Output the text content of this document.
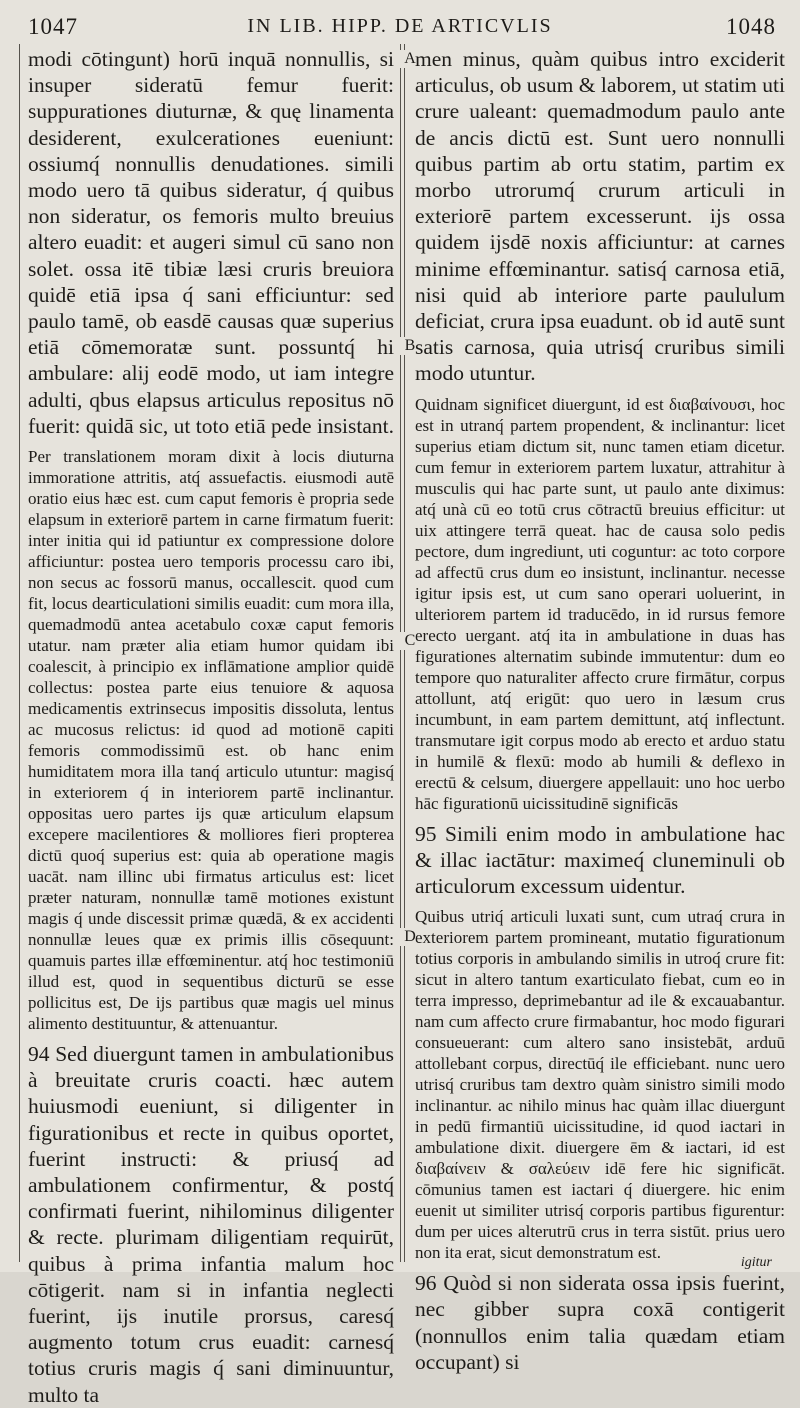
1047	IN LIB. HIPP. DE ARTICVLIS	1048
A
B
C
D

modi cōtingunt) horū inquā nonnullis, si insuper sideratū femur fuerit: suppurationes diuturnæ, & quę linamenta desiderent, exulcerationes eueniunt: ossiumq́ nonnullis denudationes. simili modo uero tā quibus sideratur, q́ quibus non sideratur, os femoris multo breuius altero euadit: et augeri simul cū sano non solet. ossa itē tibiæ læsi cruris breuiora quidē etiā ipsa q́ sani efficiuntur: sed paulo tamē, ob easdē causas quæ superius etiā cōmemoratæ sunt. possuntq́ hi ambulare: alij eodē modo, ut iam integre adulti, qbus elapsus articulus repositus nō fuerit: quidā sic, ut toto etiā pede insistant.

Per translationem moram dixit à locis diuturna immoratione attritis, atq́ assuefactis. eiusmodi autē oratio eius hæc est. cum caput femoris è propria sede elapsum in exteriorē partem in carne firmatum fuerit: inter initia qui id patiuntur ex compressione dolore afficiuntur: postea uero temporis processu caro ibi, non secus ac fossorū manus, occallescit. quod cum fit, locus dearticulationi similis euadit: cum mora illa, quemadmodū antea acetabulo coxæ caput femoris utatur. nam præter alia etiam humor quidam ibi coalescit, à principio ex inflāmatione amplior quidē collectus: postea parte eius tenuiore & aquosa medicamentis extrinsecus impositis dissoluta, lentus ac mucosus relictus: id quod ad motionē capiti femoris commodissimū est. ob hanc enim humiditatem mora illa tanq́ articulo utuntur: magisq́ in exteriorem q́ in interiorem partē inclinantur. oppositas uero partes ijs quæ articulum elapsum excepere macilentiores & molliores fieri propterea dictū quoq́ superius est: quia ab operatione magis uacāt. nam illinc ubi firmatus articulus est: licet præter naturam, nonnullæ tamē motiones existunt magis q́ unde discessit primæ quædā, & ex accidenti nonnullæ leues quæ ex primis illis cōsequunt: quamuis partes illæ effœminentur. atq́ hoc testimoniū illud est, quod in sequentibus dicturū se esse pollicitus est, De ijs partibus quæ magis uel minus alimento destituuntur, & attenuantur.

94 Sed diuergunt tamen in ambulationibus à breuitate cruris coacti. hæc autem huiusmodi eueniunt, si diligenter in figurationibus et recte in quibus oportet, fuerint instructi: & priusq́ ad ambulationem confirmentur, & postq́ confirmati fuerint, nihilominus diligenter & recte. plurimam diligentiam requirūt, quibus à prima infantia malum hoc cōtigerit. nam si in infantia neglecti fuerint, ijs inutile prorsus, caresq́ augmento totum crus euadit: carnesq́ totius cruris magis q́ sani diminuuntur, multo ta

men minus, quàm quibus intro exciderit articulus, ob usum & laborem, ut statim uti crure ualeant: quemadmodum paulo ante de ancis dictū est. Sunt uero nonnulli quibus partim ab ortu statim, partim ex morbo utrorumq́ crurum articuli in exteriorē partem excesserunt. ijs ossa quidem ijsdē noxis afficiuntur: at carnes minime effœminantur. satisq́ carnosa etiā, nisi quid ab interiore parte paululum deficiat, crura ipsa euadunt. ob id autē sunt satis carnosa, quia utrisq́ cruribus simili modo utuntur.

Quidnam significet diuergunt, id est διαβαίνουσι, hoc est in utranq́ partem propendent, & inclinantur: licet superius etiam dictum sit, nunc tamen etiam dicetur. cum femur in exteriorem partem luxatur, attrahitur à musculis qui hac parte sunt, ut paulo ante diximus: atq́ unà cū eo totū crus cōtractū breuius efficitur: ut uix attingere terrā queat. hac de causa solo pedis pectore, dum ingrediunt, uti coguntur: ac toto corpore ad affectū crus dum eo insistunt, inclinantur. necesse igitur ipsis est, ut cum sano operari uoluerint, in ulteriorem partem id traducēdo, in id rursus femore erecto uergant. atq́ ita in ambulatione in duas has figurationes alternatim subinde immutentur: dum eo tempore quo naturaliter affecto crure firmātur, corpus attollunt, atq́ erigūt: quo uero in læsum crus incumbunt, in eam partem demittunt, atq́ inflectunt. transmutare igit corpus modo ab erecto et arduo statu in humilē & flexū: modo ab humili & deflexo in erectū & celsum, diuergere appellauit: uno hoc uerbo hāc figurationū uicissitudinē significās

95 Simili enim modo in ambulatione hac & illac iactātur: maximeq́ cluneminuli ob articulorum excessum uidentur.

Quibus utriq́ articuli luxati sunt, cum utraq́ crura in exteriorem partem promineant, mutatio figurationum totius corporis in ambulando similis in utroq́ crure fit: sicut in altero tantum exarticulato fiebat, cum eo in terra impresso, deprimebantur ad ile & excauabantur. nam cum affecto crure firmabantur, hoc modo figurari consueuerant: cum altero sano insistebāt, arduū attollebant corpus, directūq́ ile efficiebant. nunc uero utrisq́ cruribus tam dextro quàm sinistro simili modo inclinantur. ac nihilo minus hac quàm illac diuergunt in pedū firmantiū uicissitudine, id quod iactari in ambulatione dixit. diuergere ēm & iactari, id est διαβαίνειν & σαλεύειν idē fere hic significāt. cōmunius tamen est iactari q́ diuergere. hic enim euenit ut similiter utrisq́ corporis partibus figurentur: dum per uices alterutrū crus in terra sistūt. prius uero non ita erat, sicut demonstratum est.

96 Quòd si non siderata ossa ipsis fuerint, nec gibber supra coxā contigerit (nonnullos enim talia quædam etiam occupant) si

igitur
